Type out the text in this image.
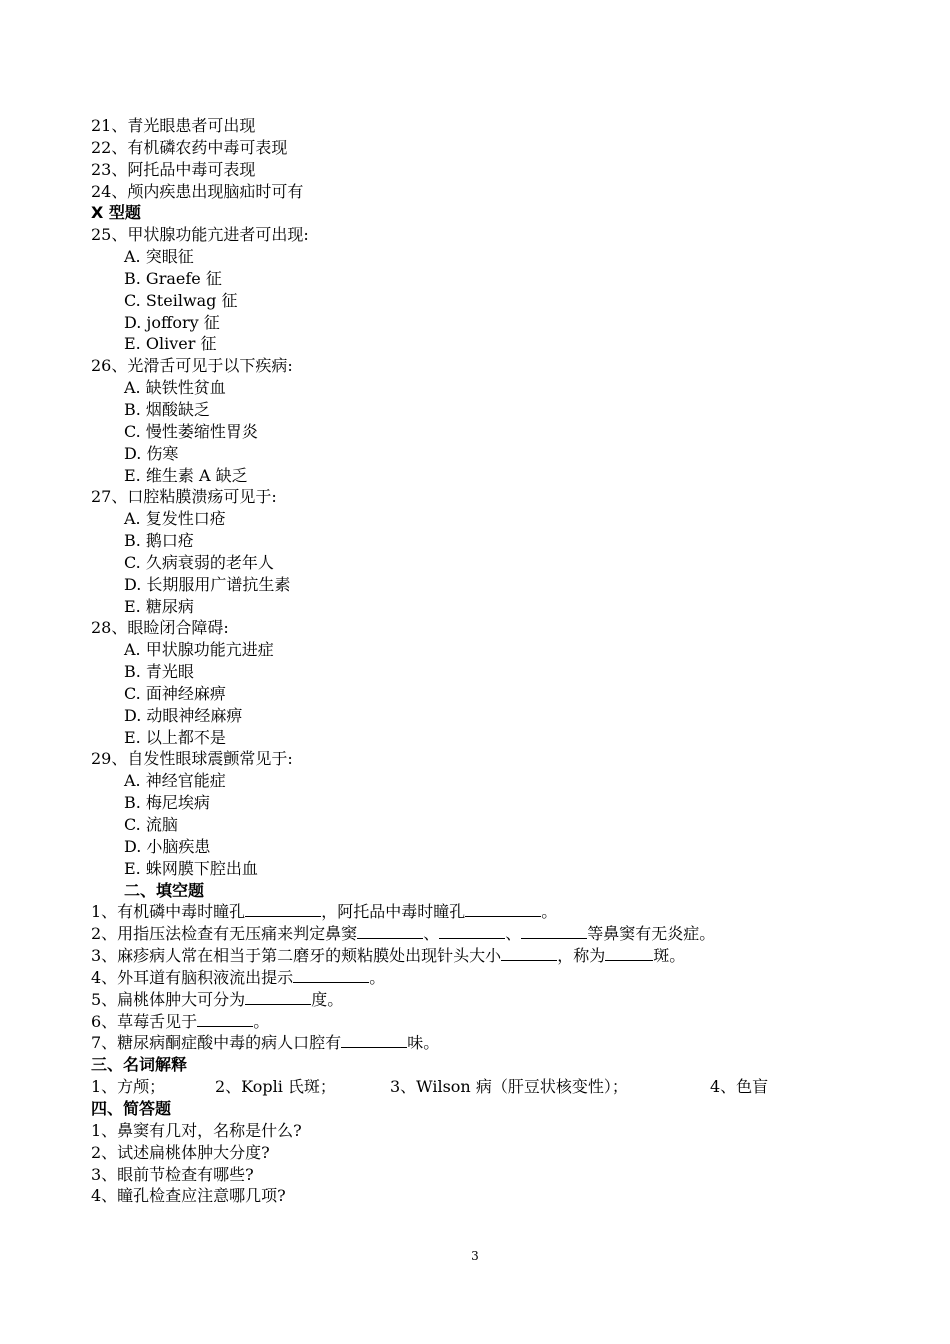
21、青光眼患者可出现
22、有机磷农药中毒可表现
23、阿托品中毒可表现
24、颅内疾患出现脑疝时可有
X 型题
25、甲状腺功能亢进者可出现:
A. 突眼征
B. Graefe 征
C. Steilwag 征
D. joffory 征
E. Oliver 征
26、光滑舌可见于以下疾病:
A. 缺铁性贫血
B. 烟酸缺乏
C. 慢性萎缩性胃炎
D. 伤寒
E. 维生素 A 缺乏
27、口腔粘膜溃疡可见于:
A. 复发性口疮
B. 鹅口疮
C. 久病衰弱的老年人
D. 长期服用广谱抗生素
E. 糖尿病
28、眼睑闭合障碍:
A. 甲状腺功能亢进症
B. 青光眼
C. 面神经麻痹
D. 动眼神经麻痹
E. 以上都不是
29、自发性眼球震颤常见于:
A. 神经官能症
B. 梅尼埃病
C. 流脑
D. 小脑疾患
E. 蛛网膜下腔出血
二、填空题
1、有机磷中毒时瞳孔	，阿托品中毒时瞳孔	。
2、用指压法检查有无压痛来判定鼻窦	、	、	等鼻窦有无炎症。
3、麻疹病人常在相当于第二磨牙的颊粘膜处出现针头大小	，称为	斑。
4、外耳道有脑积液流出提示	。
5、扁桃体肿大可分为	度。
6、草莓舌见于	。
7、糖尿病酮症酸中毒的病人口腔有	味。
三、名词解释
1、方颅；	2、Kopli 氏斑；	3、Wilson 病（肝豆状核变性）；	4、色盲
四、简答题
1、鼻窦有几对，名称是什么?
2、试述扁桃体肿大分度?
3、眼前节检查有哪些?
4、瞳孔检查应注意哪几项?
3
